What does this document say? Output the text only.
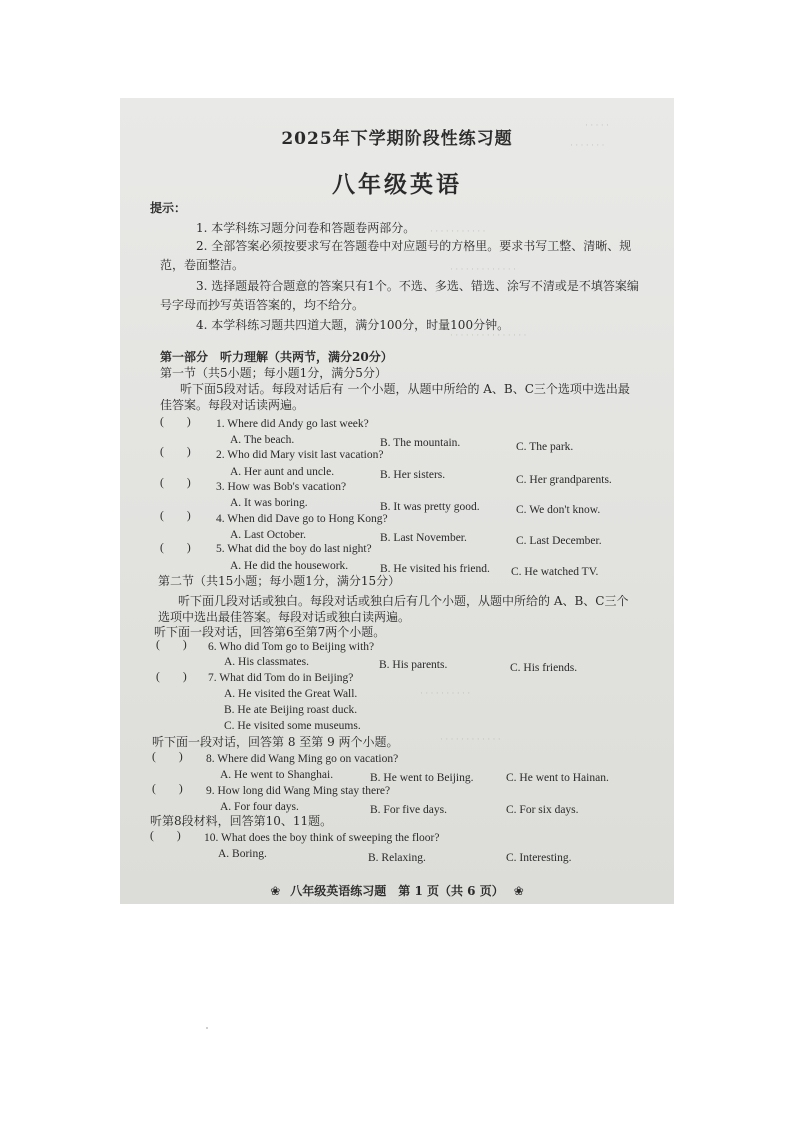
· · · · ·
· · · · · · ·
· · · · · · · · · · ·
· · · · · · · · · · · · ·
· · · · · · · · · · · · · · ·
· · · · · · · · · ·
· · · · · · · · · · · ·
2025年下学期阶段性练习题
八年级英语
提示：
1. 本学科练习题分问卷和答题卷两部分。
2. 全部答案必须按要求写在答题卷中对应题号的方格里。要求书写工整、清晰、规
范，卷面整洁。
3. 选择题最符合题意的答案只有1个。不选、多选、错选、涂写不清或是不填答案编
号字母而抄写英语答案的，均不给分。
4. 本学科练习题共四道大题，满分100分，时量100分钟。
第一部分　听力理解（共两节，满分20分）
第一节（共5小题；每小题1分，满分5分）
听下面5段对话。每段对话后有 一个小题，从题中所给的 A、B、C三个选项中选出最
佳答案。每段对话读两遍。
(　　) 1. Where did Andy go last week?
A. The beach.	B. The mountain.	C. The park.
(　　) 2. Who did Mary visit last vacation?
A. Her aunt and uncle.	B. Her sisters.	C. Her grandparents.
(　　) 3. How was Bob's vacation?
A. It was boring.	B. It was pretty good.	C. We don't know.
(　　) 4. When did Dave go to Hong Kong?
A. Last October.	B. Last November.	C. Last December.
(　　) 5. What did the boy do last night?
A. He did the housework.	B. He visited his friend. C. He watched TV.
第二节（共15小题；每小题1分，满分15分）
听下面几段对话或独白。每段对话或独白后有几个小题，从题中所给的 A、B、C三个
选项中选出最佳答案。每段对话或独白读两遍。
听下面一段对话，回答第6至第7两个小题。
(　　) 6. Who did Tom go to Beijing with?
A. His classmates.	B. His parents.	C. His friends.
(　　) 7. What did Tom do in Beijing?
A. He visited the Great Wall.
B. He ate Beijing roast duck.
C. He visited some museums.
听下面一段对话，回答第 8 至第 9 两个小题。
(　　) 8. Where did Wang Ming go on vacation?
A. He went to Shanghai.	B. He went to Beijing.	C. He went to Hainan.
(　　) 9. How long did Wang Ming stay there?
A. For four days.	B. For five days.	C. For six days.
听第8段材料，回答第10、11题。
(　　) 10. What does the boy think of sweeping the floor?
A. Boring.	B. Relaxing.	C. Interesting.
❀ 八年级英语练习题　第 1 页（共 6 页） ❀
